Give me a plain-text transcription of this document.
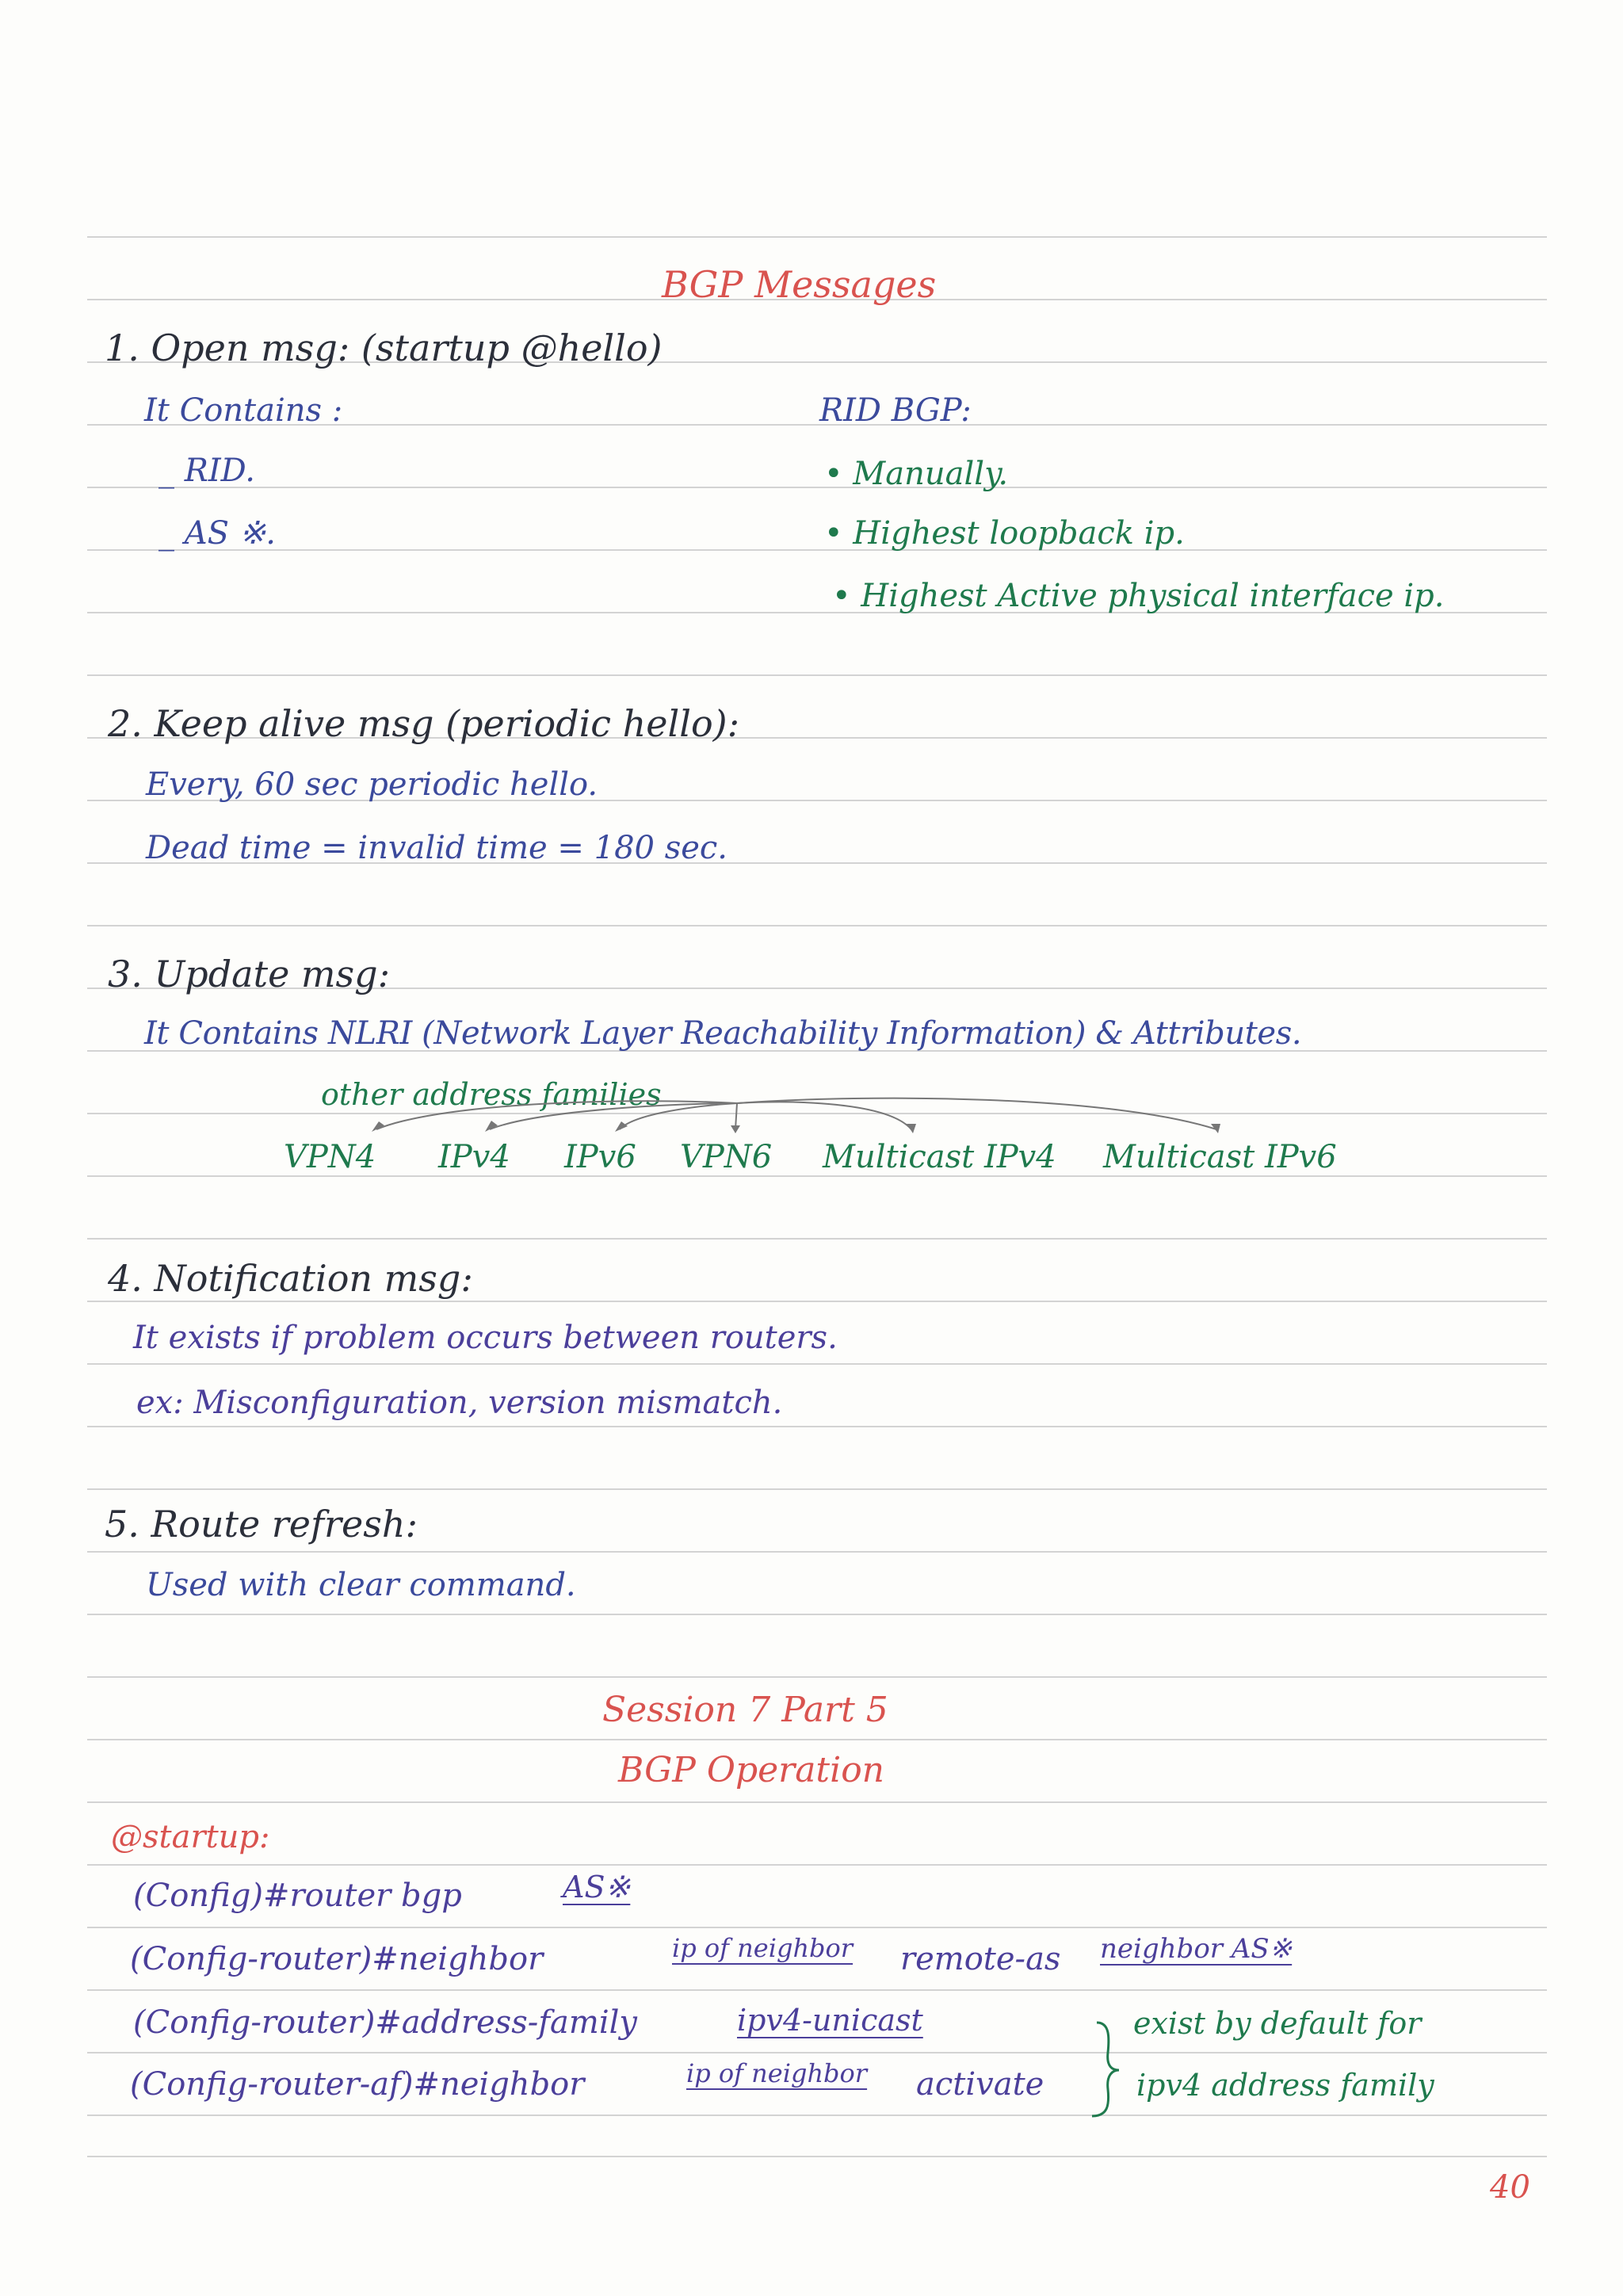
BGP Messages
1. Open msg: (startup @hello)
It Contains :
_ RID.
_ AS ※.
RID BGP:
• Manually.
• Highest loopback ip.
• Highest Active physical interface ip.
2. Keep alive msg (periodic hello):
Every, 60 sec periodic hello.
Dead time = invalid time = 180 sec.
3. Update msg:
It Contains NLRI (Network Layer Reachability Information) & Attributes.
other address families
VPN4 IPv4 IPv6 VPN6 Multicast IPv4 Multicast IPv6
4. Notification msg:
It exists if problem occurs between routers.
ex: Misconfiguration, version mismatch.
5. Route refresh:
Used with clear command.
Session 7 Part 5
BGP Operation
@startup:
(Config)#router bgp	AS※
(Config-router)#neighbor	ip of neighbor remote-as neighbor AS※
(Config-router)#address-family	ipv4-unicast
(Config-router-af)#neighbor	ip of neighbor activate
exist by default for
ipv4 address family
40
